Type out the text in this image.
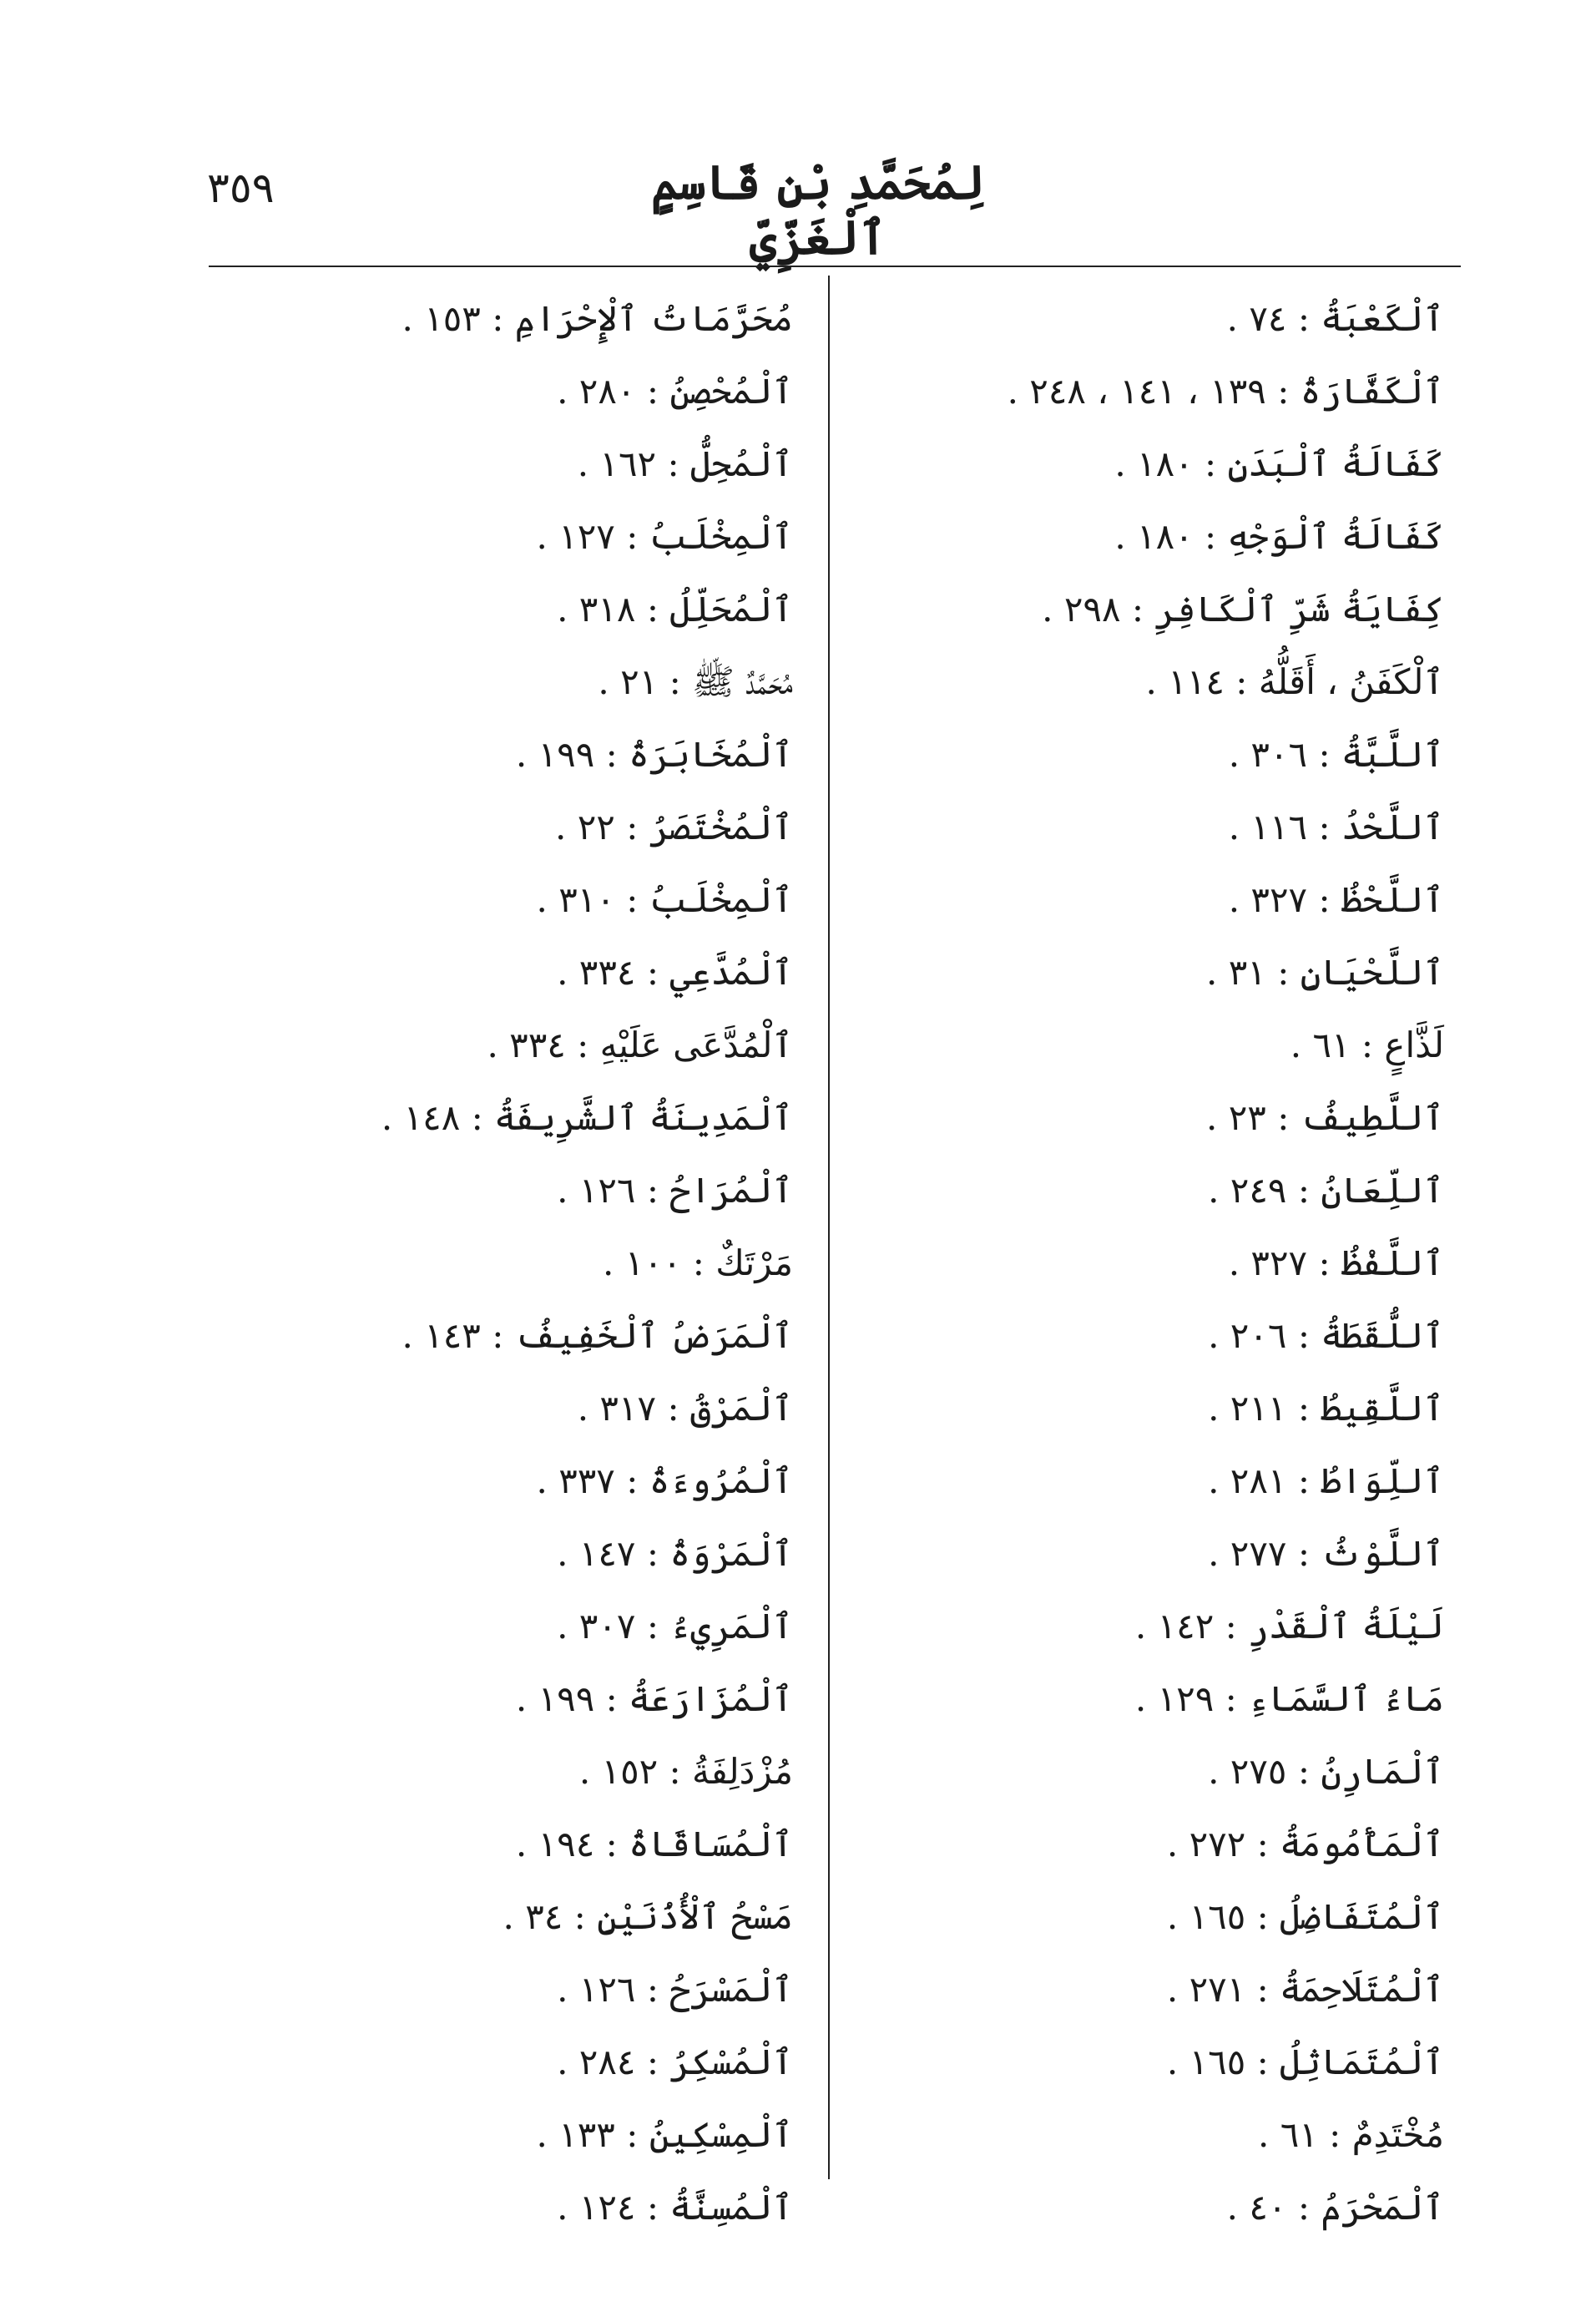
٣٥٩	لِمُحَمَّدِ بْنِ قَاسِمٍ ٱلْغَزِّيِّ
ٱلْكَعْبَةُ : ٧٤ .
ٱلْكَفَّارَةُ : ١٣٩ ، ١٤١ ، ٢٤٨ .
كَفَالَةُ ٱلْبَدَنِ : ١٨٠ .
كَفَالَةُ ٱلْوَجْهِ : ١٨٠ .
كِفَايَةُ شَرِّ ٱلْكَافِرِ : ٢٩٨ .
ٱلْكَفَنُ ، أَقَلُّهُ : ١١٤ .
ٱللَّبَّةُ : ٣٠٦ .
ٱللَّحْدُ : ١١٦ .
ٱللَّحْظُ : ٣٢٧ .
ٱللَّحْيَانِ : ٣١ .
لَذَّاعٍ : ٦١ .
ٱللَّطِيفُ : ٢٣ .
ٱللِّعَانُ : ٢٤٩ .
ٱللَّفْظُ : ٣٢٧ .
ٱللُّقَطَةُ : ٢٠٦ .
ٱللَّقِيطُ : ٢١١ .
ٱللِّوَاطُ : ٢٨١ .
ٱللَّوْثُ : ٢٧٧ .
لَيْلَةُ ٱلْقَدْرِ : ١٤٢ .
مَاءُ ٱلسَّمَاءِ : ١٢٩ .
ٱلْمَارِنُ : ٢٧٥ .
ٱلْمَأْمُومَةُ : ٢٧٢ .
ٱلْمُتَفَاضِلُ : ١٦٥ .
ٱلْمُتَلَاحِمَةُ : ٢٧١ .
ٱلْمُتَمَاثِلُ : ١٦٥ .
مُخْتَدِمٌ : ٦١ .
ٱلْمَحْرَمُ : ٤٠ .
مُحَرَّمَاتُ ٱلْإِحْرَامِ : ١٥٣ .
ٱلْمُحْصِنُ : ٢٨٠ .
ٱلْمُحِلُّ : ١٦٢ .
ٱلْمِخْلَبُ : ١٢٧ .
ٱلْمُحَلِّلُ : ٣١٨ .
مُحَمَّدٌ ﷺ : ٢١ .
ٱلْمُخَابَرَةُ : ١٩٩ .
ٱلْمُخْتَصَرُ : ٢٢ .
ٱلْمِخْلَبُ : ٣١٠ .
ٱلْمُدَّعِي : ٣٣٤ .
ٱلْمُدَّعَى عَلَيْهِ : ٣٣٤ .
ٱلْمَدِينَةُ ٱلشَّرِيفَةُ : ١٤٨ .
ٱلْمُرَاحُ : ١٢٦ .
مَرْتَكٌ : ١٠٠ .
ٱلْمَرَضُ ٱلْخَفِيفُ : ١٤٣ .
ٱلْمَرْقُ : ٣١٧ .
ٱلْمُرُوءَةُ : ٣٣٧ .
ٱلْمَرْوَةُ : ١٤٧ .
ٱلْمَرِيءُ : ٣٠٧ .
ٱلْمُزَارَعَةُ : ١٩٩ .
مُزْدَلِفَةُ : ١٥٢ .
ٱلْمُسَاقَاةُ : ١٩٤ .
مَسْحُ ٱلْأُذُنَيْنِ : ٣٤ .
ٱلْمَسْرَحُ : ١٢٦ .
ٱلْمُسْكِرُ : ٢٨٤ .
ٱلْمِسْكِينُ : ١٣٣ .
ٱلْمُسِنَّةُ : ١٢٤ .
